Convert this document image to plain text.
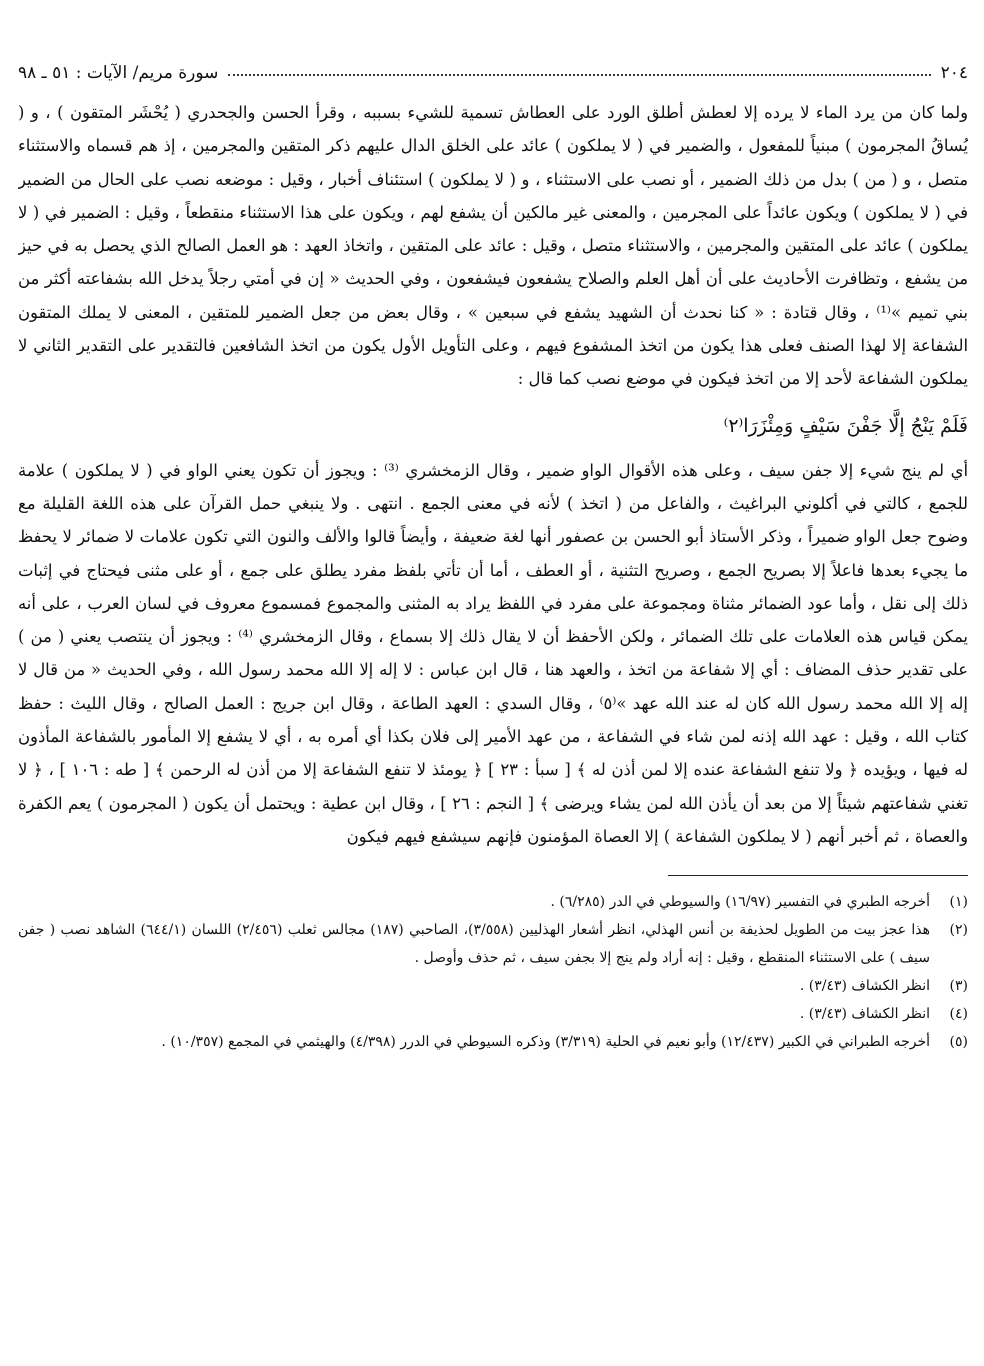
٢٠٤
سورة مريم/ الآيات : ٥١ ـ ٩٨

ولما كان من يرد الماء لا يرده إلا لعطش أطلق الورد على العطاش تسمية للشيء بسببه ، وقرأ الحسن والجحدري ( يُحْشَر المتقون ) ، و ( يُساقُ المجرمون ) مبنياً للمفعول ، والضمير في ( لا يملكون ) عائد على الخلق الدال عليهم ذكر المتقين والمجرمين ، إذ هم قسماه والاستثناء متصل ، و ( من ) بدل من ذلك الضمير ، أو نصب على الاستثناء ، و ( لا يملكون ) استئناف أخبار ، وقيل : موضعه نصب على الحال من الضمير في ( لا يملكون ) ويكون عائداً على المجرمين ، والمعنى غير مالكين أن يشفع لهم ، ويكون على هذا الاستثناء منقطعاً ، وقيل : الضمير في ( لا يملكون ) عائد على المتقين والمجرمين ، والاستثناء متصل ، وقيل : عائد على المتقين ، واتخاذ العهد : هو العمل الصالح الذي يحصل به في حيز من يشفع ، وتظافرت الأحاديث على أن أهل العلم والصلاح يشفعون فيشفعون ، وفي الحديث « إن في أمتي رجلاً يدخل الله بشفاعته أكثر من بني تميم »⁽¹⁾ ، وقال قتادة : « كنا نحدث أن الشهيد يشفع في سبعين » ، وقال بعض من جعل الضمير للمتقين ، المعنى لا يملك المتقون الشفاعة إلا لهذا الصنف فعلى هذا يكون من اتخذ المشفوع فيهم ، وعلى التأويل الأول يكون من اتخذ الشافعين فالتقدير على التقدير الثاني لا يملكون الشفاعة لأحد إلا من اتخذ فيكون في موضع نصب كما قال :

فَلَمْ يَنْجُ إلَّا جَفْنَ سَيْفٍ وَمِئْزَرَا⁽٢⁾

أي لم ينج شيء إلا جفن سيف ، وعلى هذه الأقوال الواو ضمير ، وقال الزمخشري ⁽³⁾ : ويجوز أن تكون يعني الواو في ( لا يملكون ) علامة للجمع ، كالتي في أكلوني البراغيث ، والفاعل من ( اتخذ ) لأنه في معنى الجمع . انتهى . ولا ينبغي حمل القرآن على هذه اللغة القليلة مع وضوح جعل الواو ضميراً ، وذكر الأستاذ أبو الحسن بن عصفور أنها لغة ضعيفة ، وأيضاً قالوا والألف والنون التي تكون علامات لا ضمائر لا يحفظ ما يجيء بعدها فاعلاً إلا بصريح الجمع ، وصريح التثنية ، أو العطف ، أما أن تأتي بلفظ مفرد يطلق على جمع ، أو على مثنى فيحتاج في إثبات ذلك إلى نقل ، وأما عود الضمائر مثناة ومجموعة على مفرد في اللفظ يراد به المثنى والمجموع فمسموع معروف في لسان العرب ، على أنه يمكن قياس هذه العلامات على تلك الضمائر ، ولكن الأحفظ أن لا يقال ذلك إلا بسماع ، وقال الزمخشري ⁽⁴⁾ : ويجوز أن ينتصب يعني ( من ) على تقدير حذف المضاف : أي إلا شفاعة من اتخذ ، والعهد هنا ، قال ابن عباس : لا إله إلا الله محمد رسول الله ، وفي الحديث « من قال لا إله إلا الله محمد رسول الله كان له عند الله عهد »⁽٥⁾ ، وقال السدي : العهد الطاعة ، وقال ابن جريج : العمل الصالح ، وقال الليث : حفظ كتاب الله ، وقيل : عهد الله إذنه لمن شاء في الشفاعة ، من عهد الأمير إلى فلان بكذا أي أمره به ، أي لا يشفع إلا المأمور بالشفاعة المأذون له فيها ، ويؤيده ﴿ ولا تنفع الشفاعة عنده إلا لمن أذن له ﴾ [ سبأ : ٢٣ ] ﴿ يومئذ لا تنفع الشفاعة إلا من أذن له الرحمن ﴾ [ طه : ١٠٦ ] ، ﴿ لا تغني شفاعتهم شيئاً إلا من بعد أن يأذن الله لمن يشاء ويرضى ﴾ [ النجم : ٢٦ ] ، وقال ابن عطية : ويحتمل أن يكون ( المجرمون ) يعم الكفرة والعصاة ، ثم أخبر أنهم ( لا يملكون الشفاعة ) إلا العصاة المؤمنون فإنهم سيشفع فيهم فيكون

(١)
أخرجه الطبري في التفسير (١٦/٩٧) والسيوطي في الدر (٦/٢٨٥) .
(٢)
هذا عجز بيت من الطويل لحذيفة بن أنس الهذلي، انظر أشعار الهذليين (٣/٥٥٨)، الصاحبي (١٨٧) مجالس ثعلب (٢/٤٥٦) اللسان (٦٤٤/١) الشاهد نصب ( جفن سيف ) على الاستثناء المنقطع ، وقيل : إنه أراد ولم ينج إلا بجفن سيف ، ثم حذف وأوصل .
(٣)
انظر الكشاف (٣/٤٣) .
(٤)
انظر الكشاف (٣/٤٣) .
(٥)
أخرجه الطبراني في الكبير (١٢/٤٣٧) وأبو نعيم في الحلية (٣/٣١٩) وذكره السيوطي في الدرر (٤/٣٩٨) والهيثمي في المجمع (١٠/٣٥٧) .
